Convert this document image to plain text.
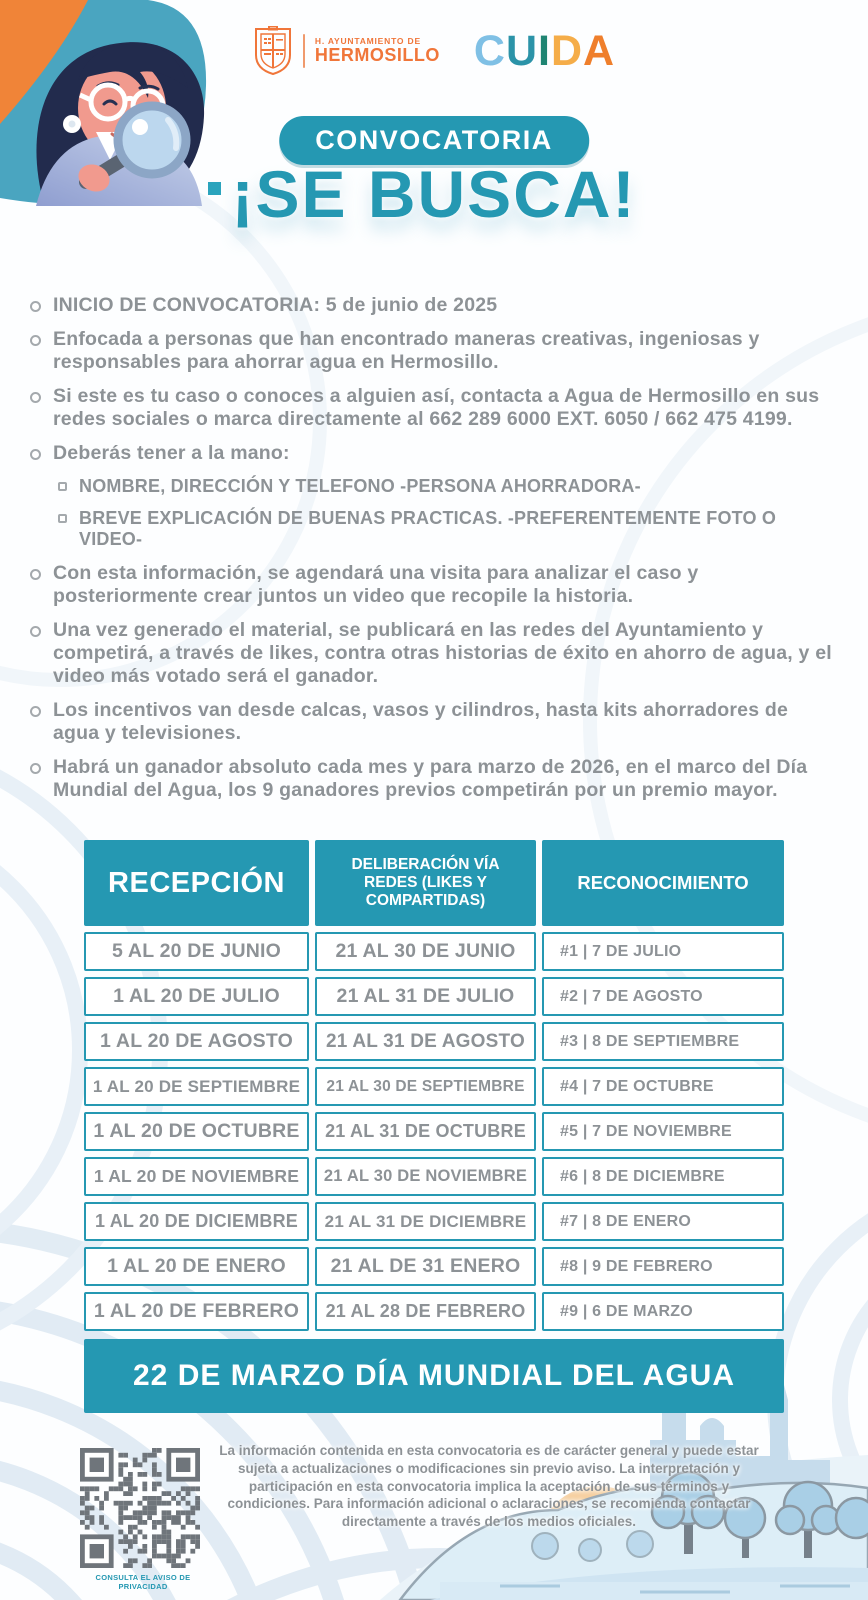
H. AYUNTAMIENTO DE
HERMOSILLO C U I D A
CONVOCATORIA
¡SE BUSCA!

INICIO DE CONVOCATORIA: 5 de junio de 2025

Enfocada a personas que han encontrado maneras creativas, ingeniosas y responsables para ahorrar agua en Hermosillo.

Si este es tu caso o conoces a alguien así, contacta a Agua de Hermosillo en sus redes sociales o marca directamente al 662 289 6000 EXT. 6050 / 662 475 4199.

Deberás tener a la mano:

NOMBRE, DIRECCIÓN Y TELEFONO -PERSONA AHORRADORA-

BREVE EXPLICACIÓN DE BUENAS PRACTICAS. -PREFERENTEMENTE FOTO O VIDEO-

Con esta información, se agendará una visita para analizar el caso y posteriormente crear juntos un video que recopile la historia.

Una vez generado el material, se publicará en las redes del Ayuntamiento y competirá, a través de likes, contra otras historias de éxito en ahorro de agua, y el video más votado será el ganador.

Los incentivos van desde calcas, vasos y cilindros, hasta kits ahorradores de agua y televisiones.

Habrá un ganador absoluto cada mes y para marzo de 2026, en el marco del Día Mundial del Agua, los 9 ganadores previos competirán por un premio mayor.

RECEPCIÓN
DELIBERACIÓN VÍA REDES (LIKES Y COMPARTIDAS)
RECONOCIMIENTO
5 AL 20 DE JUNIO	21 AL 30 DE JUNIO	#1 | 7 DE JULIO
1 AL 20 DE JULIO	21 AL 31 DE JULIO	#2 | 7 DE AGOSTO
1 AL 20 DE AGOSTO 21 AL 31 DE AGOSTO #3 | 8 DE SEPTIEMBRE
1 AL 20 DE SEPTIEMBRE 21 AL 30 DE SEPTIEMBRE #4 | 7 DE OCTUBRE
1 AL 20 DE OCTUBRE 21 AL 31 DE OCTUBRE #5 | 7 DE NOVIEMBRE
1 AL 20 DE NOVIEMBRE 21 AL 30 DE NOVIEMBRE #6 | 8 DE DICIEMBRE
1 AL 20 DE DICIEMBRE 21 AL 31 DE DICIEMBRE #7 | 8 DE ENERO
1 AL 20 DE ENERO 21 AL DE 31 ENERO #8 | 9 DE FEBRERO
1 AL 20 DE FEBRERO 21 AL 28 DE FEBRERO #9 | 6 DE MARZO
22 DE MARZO DÍA MUNDIAL DEL AGUA
CONSULTA EL AVISO DE PRIVACIDAD

La información contenida en esta convocatoria es de carácter general y puede estar sujeta a actualizaciones o modificaciones sin previo aviso. La interpretación y participación en esta convocatoria implica la aceptación de sus términos y condiciones. Para información adicional o aclaraciones, se recomienda contactar directamente a través de los medios oficiales.
